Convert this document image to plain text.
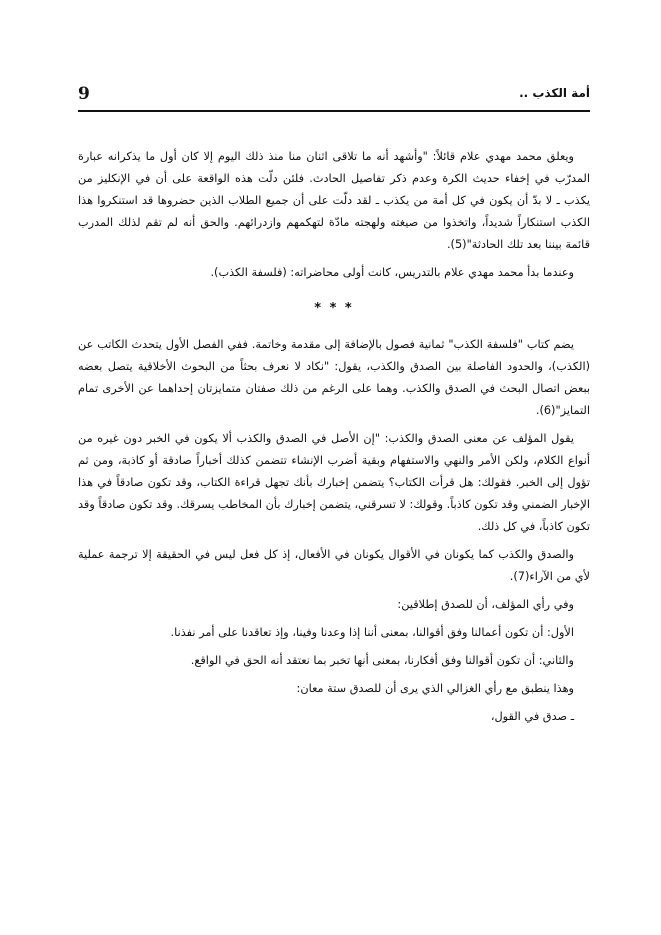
9	أمة الكذب ..

ويعلق محمد مهدي علام قائلاً: "وأشهد أنه ما تلاقى اثنان منا منذ ذلك اليوم إلا كان أول ما يذكرانه عبارة المدرّب في إخفاء حديث الكرة وعدم ذكر تفاصيل الحادث. فلئن دلّت هذه الواقعة على أن في الإنكليز من يكذب ـ لا بدّ أن يكون في كل أمة من يكذب ـ لقد دلّت على أن جميع الطلاب الذين حضروها قد استنكروا هذا الكذب استنكاراً شديداً، واتخذوا من صيغته ولهجته مادّة لتهكمهم وازدرائهم. والحق أنه لم تقم لذلك المدرب قائمة بيننا بعد تلك الحادثة"(5).

وعندما بدأ محمد مهدي علام بالتدريس، كانت أولى محاضراته: (فلسفة الكذب).

* * *

يضم كتاب "فلسفة الكذب" ثمانية فصول بالإضافة إلى مقدمة وخاتمة. ففي الفصل الأول يتحدث الكاتب عن (الكذب)، والحدود الفاصلة بين الصدق والكذب، يقول: "نكاد لا نعرف بحثاً من البحوث الأخلاقية يتصل بعضه ببعض اتصال البحث في الصدق والكذب. وهما على الرغم من ذلك صفتان متمايزتان إحداهما عن الأخرى تمام التمايز"(6).

يقول المؤلف عن معنى الصدق والكذب: "إن الأصل في الصدق والكذب ألا يكون في الخبر دون غيره من أنواع الكلام، ولكن الأمر والنهي والاستفهام وبقية أضرب الإنشاء تتضمن كذلك أخباراً صادقة أو كاذبة، ومن ثم تؤول إلى الخبر. فقولك: هل قرأت الكتاب؟ يتضمن إخبارك بأنك تجهل قراءة الكتاب، وقد تكون صادقاً في هذا الإخبار الضمني وقد تكون كاذباً. وقولك: لا تسرقني، يتضمن إخبارك بأن المخاطب يسرقك. وقد تكون صادقاً وقد تكون كاذباً، في كل ذلك.

والصدق والكذب كما يكونان في الأقوال يكونان في الأفعال، إذ كل فعل ليس في الحقيقة إلا ترجمة عملية لأي من الآراء(7).

وفي رأي المؤلف، أن للصدق إطلاقين:

الأول: أن تكون أعمالنا وفق أقوالنا، بمعنى أننا إذا وعدنا وفينا، وإذ تعاقدنا على أمر نفذنا.

والثاني: أن تكون أقوالنا وفق أفكارنا، بمعنى أنها تخبر بما نعتقد أنه الحق في الواقع.

وهذا ينطبق مع رأي الغزالي الذي يرى أن للصدق ستة معان:

ـ صدق في القول،
